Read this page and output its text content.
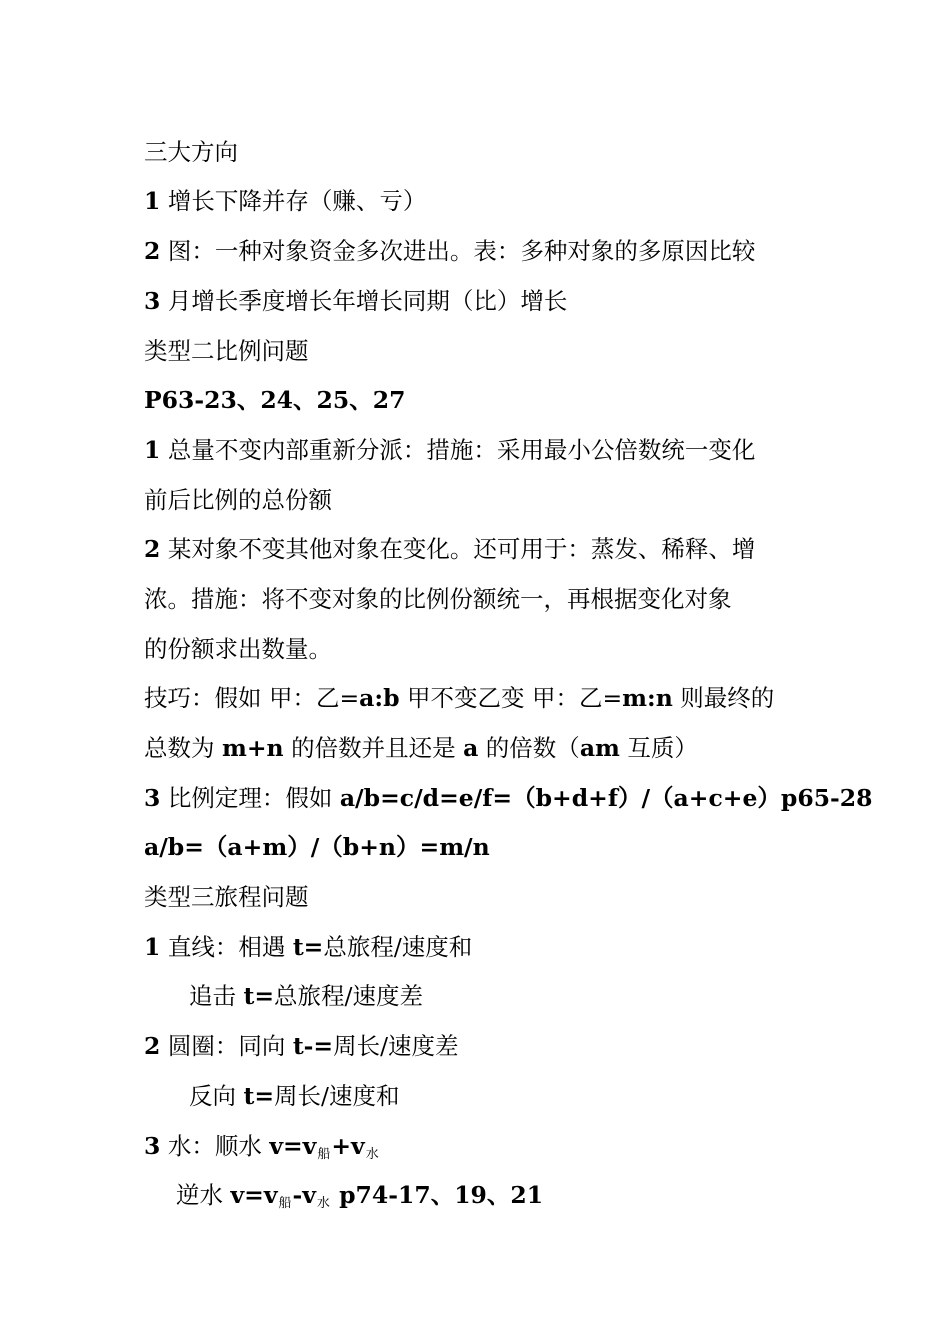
三大方向
1 增长下降并存（赚、亏）
2 图：一种对象资金多次进出。表：多种对象的多原因比较
3 月增长季度增长年增长同期（比）增长
类型二比例问题
P63-23、24、25、27
1 总量不变内部重新分派：措施：采用最小公倍数统一变化
前后比例的总份额
2 某对象不变其他对象在变化。还可用于：蒸发、稀释、增
浓。措施：将不变对象的比例份额统一，再根据变化对象
的份额求出数量。
技巧：假如 甲：乙=a:b 甲不变乙变 甲：乙=m:n 则最终的
总数为 m+n 的倍数并且还是 a 的倍数（am 互质）
3 比例定理：假如 a/b=c/d=e/f=（b+d+f）/（a+c+e）p65-28
a/b=（a+m）/（b+n）=m/n
类型三旅程问题
1 直线：相遇 t=总旅程/速度和
追击 t=总旅程/速度差
2 圆圈：同向 t-=周长/速度差
反向 t=周长/速度和
3 水：顺水 v=v船+v水
逆水 v=v船-v水 p74-17、19、21
